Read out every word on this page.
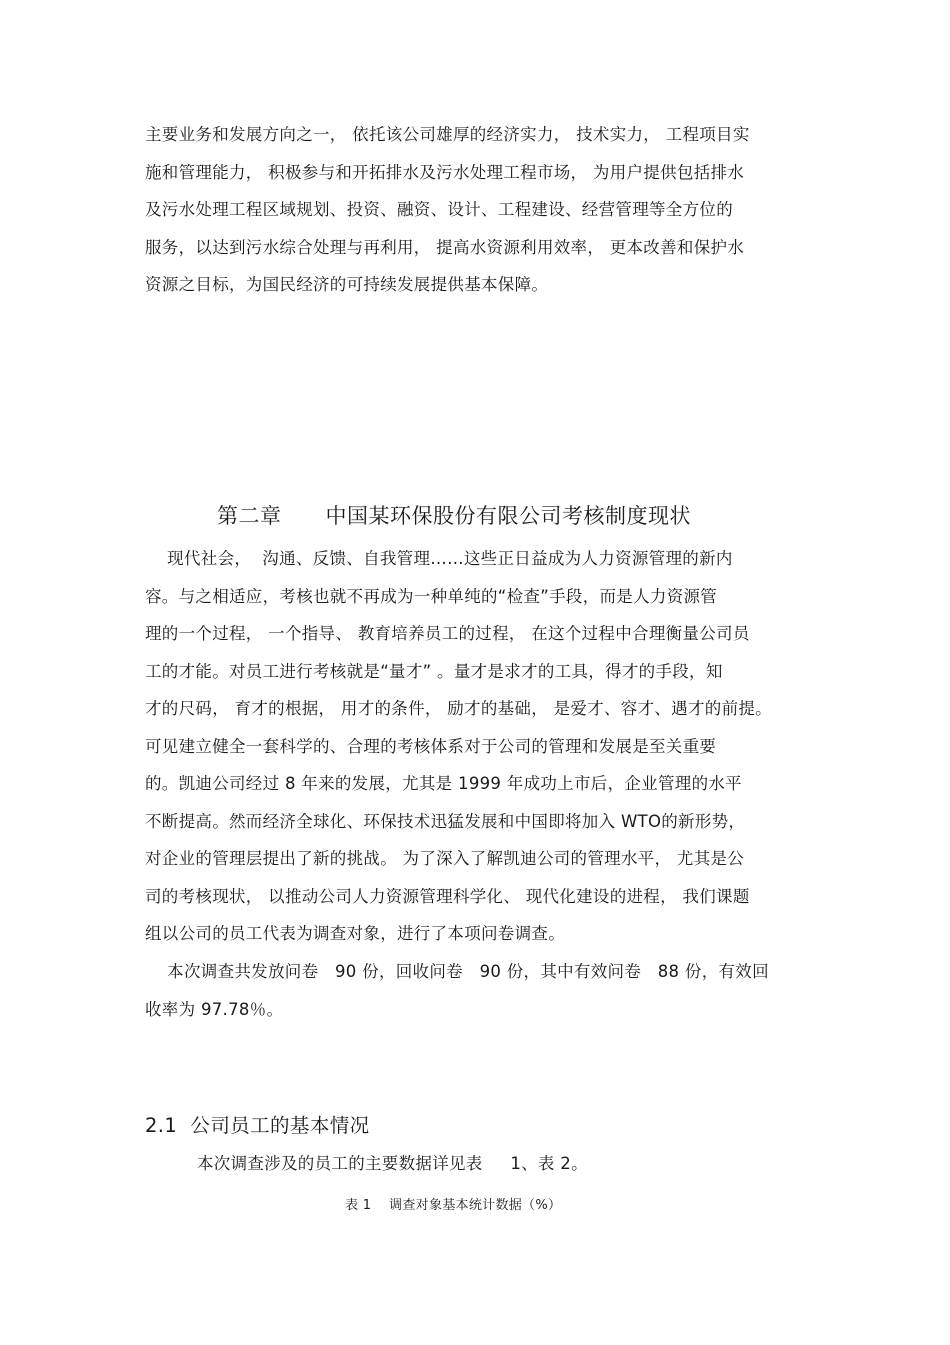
主要业务和发展方向之一， 依托该公司雄厚的经济实力， 技术实力， 工程项目实
施和管理能力， 积极参与和开拓排水及污水处理工程市场， 为用户提供包括排水
及污水处理工程区域规划、投资、融资、设计、工程建设、经营管理等全方位的
服务，以达到污水综合处理与再利用， 提高水资源利用效率， 更本改善和保护水
资源之目标，为国民经济的可持续发展提供基本保障。
第二章 中国某环保股份有限公司考核制度现状
现代社会，  沟通、反馈、自我管理……这些正日益成为人力资源管理的新内
容。与之相适应，考核也就不再成为一种单纯的“检查”手段，而是人力资源管
理的一个过程， 一个指导、 教育培养员工的过程， 在这个过程中合理衡量公司员
工的才能。对员工进行考核就是“量才” 。量才是求才的工具，得才的手段，知
才的尺码， 育才的根据， 用才的条件， 励才的基础， 是爱才、容才、遇才的前提。
可见建立健全一套科学的、合理的考核体系对于公司的管理和发展是至关重要
的。凯迪公司经过 8 年来的发展，尤其是 1999 年成功上市后，企业管理的水平
不断提高。然而经济全球化、环保技术迅猛发展和中国即将加入 WTO的新形势，
对企业的管理层提出了新的挑战。 为了深入了解凯迪公司的管理水平， 尤其是公
司的考核现状， 以推动公司人力资源管理科学化、 现代化建设的进程， 我们课题
组以公司的员工代表为调查对象，进行了本项问卷调查。
本次调查共发放问卷   90 份，回收问卷   90 份，其中有效问卷   88 份，有效回
收率为 97.78％。
2.1 公司员工的基本情况
本次调查涉及的员工的主要数据详见表     1、表 2。
表 1 调查对象基本统计数据（%）
